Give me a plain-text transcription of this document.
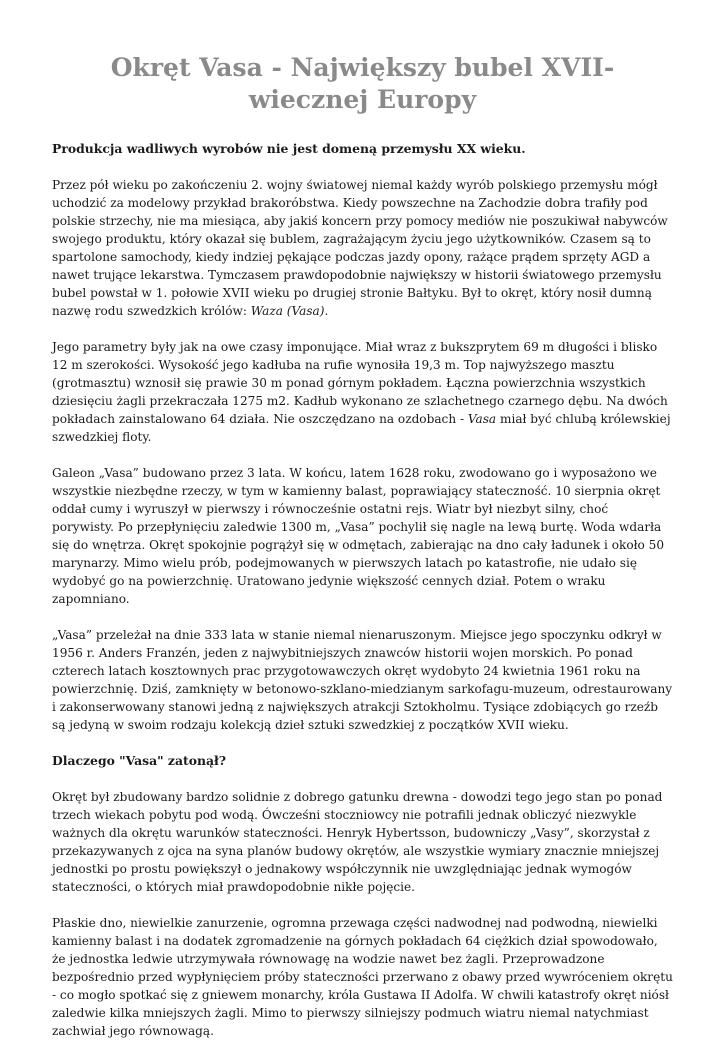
Okręt Vasa - Największy bubel XVII-wiecznej Europy
Produkcja wadliwych wyrobów nie jest domeną przemysłu XX wieku.

Przez pół wieku po zakończeniu 2. wojny światowej niemal każdy wyrób polskiego przemysłu mógł uchodzić za modelowy przykład brakoróbstwa. Kiedy powszechne na Zachodzie dobra trafiły pod polskie strzechy, nie ma miesiąca, aby jakiś koncern przy pomocy mediów nie poszukiwał nabywców swojego produktu, który okazał się bublem, zagrażającym życiu jego użytkowników. Czasem są to spartolone samochody, kiedy indziej pękające podczas jazdy opony, rażące prądem sprzęty AGD a nawet trujące lekarstwa. Tymczasem prawdopodobnie największy w historii światowego przemysłu bubel powstał w 1. połowie XVII wieku po drugiej stronie Bałtyku. Był to okręt, który nosił dumną nazwę rodu szwedzkich królów: Waza (Vasa).

Jego parametry były jak na owe czasy imponujące. Miał wraz z bukszprytem 69 m długości i blisko 12 m szerokości. Wysokość jego kadłuba na rufie wynosiła 19,3 m. Top najwyższego masztu (grotmasztu) wznosił się prawie 30 m ponad górnym pokładem. Łączna powierzchnia wszystkich dziesięciu żagli przekraczała 1275 m2. Kadłub wykonano ze szlachetnego czarnego dębu. Na dwóch pokładach zainstalowano 64 działa. Nie oszczędzano na ozdobach - Vasa miał być chlubą królewskiej szwedzkiej floty.

Galeon „Vasa” budowano przez 3 lata. W końcu, latem 1628 roku, zwodowano go i wyposażono we wszystkie niezbędne rzeczy, w tym w kamienny balast, poprawiający stateczność. 10 sierpnia okręt oddał cumy i wyruszył w pierwszy i równocześnie ostatni rejs. Wiatr był niezbyt silny, choć porywisty. Po przepłynięciu zaledwie 1300 m, „Vasa” pochylił się nagle na lewą burtę. Woda wdarła się do wnętrza. Okręt spokojnie pogrążył się w odmętach, zabierając na dno cały ładunek i około 50 marynarzy. Mimo wielu prób, podejmowanych w pierwszych latach po katastrofie, nie udało się wydobyć go na powierzchnię. Uratowano jedynie większość cennych dział. Potem o wraku zapomniano.

„Vasa” przeleżał na dnie 333 lata w stanie niemal nienaruszonym. Miejsce jego spoczynku odkrył w 1956 r. Anders Franzén, jeden z najwybitniejszych znawców historii wojen morskich. Po ponad czterech latach kosztownych prac przygotowawczych okręt wydobyto 24 kwietnia 1961 roku na powierzchnię. Dziś, zamknięty w betonowo-szklano-miedzianym sarkofagu-muzeum, odrestaurowany i zakonserwowany stanowi jedną z największych atrakcji Sztokholmu. Tysiące zdobiących go rzeźb są jedyną w swoim rodzaju kolekcją dzieł sztuki szwedzkiej z początków XVII wieku.

Dlaczego "Vasa" zatonął?

Okręt był zbudowany bardzo solidnie z dobrego gatunku drewna - dowodzi tego jego stan po ponad trzech wiekach pobytu pod wodą. Ówcześni stoczniowcy nie potrafili jednak obliczyć niezwykle ważnych dla okrętu warunków stateczności. Henryk Hybertsson, budowniczy „Vasy”, skorzystał z przekazywanych z ojca na syna planów budowy okrętów, ale wszystkie wymiary znacznie mniejszej jednostki po prostu powiększył o jednakowy współczynnik nie uwzględniając jednak wymogów stateczności, o których miał prawdopodobnie nikłe pojęcie.

Płaskie dno, niewielkie zanurzenie, ogromna przewaga części nadwodnej nad podwodną, niewielki kamienny balast i na dodatek zgromadzenie na górnych pokładach 64 ciężkich dział spowodowało, że jednostka ledwie utrzymywała równowagę na wodzie nawet bez żagli. Przeprowadzone bezpośrednio przed wypłynięciem próby stateczności przerwano z obawy przed wywróceniem okrętu - co mogło spotkać się z gniewem monarchy, króla Gustawa II Adolfa. W chwili katastrofy okręt niósł zaledwie kilka mniejszych żagli. Mimo to pierwszy silniejszy podmuch wiatru niemal natychmiast zachwiał jego równowagą.
